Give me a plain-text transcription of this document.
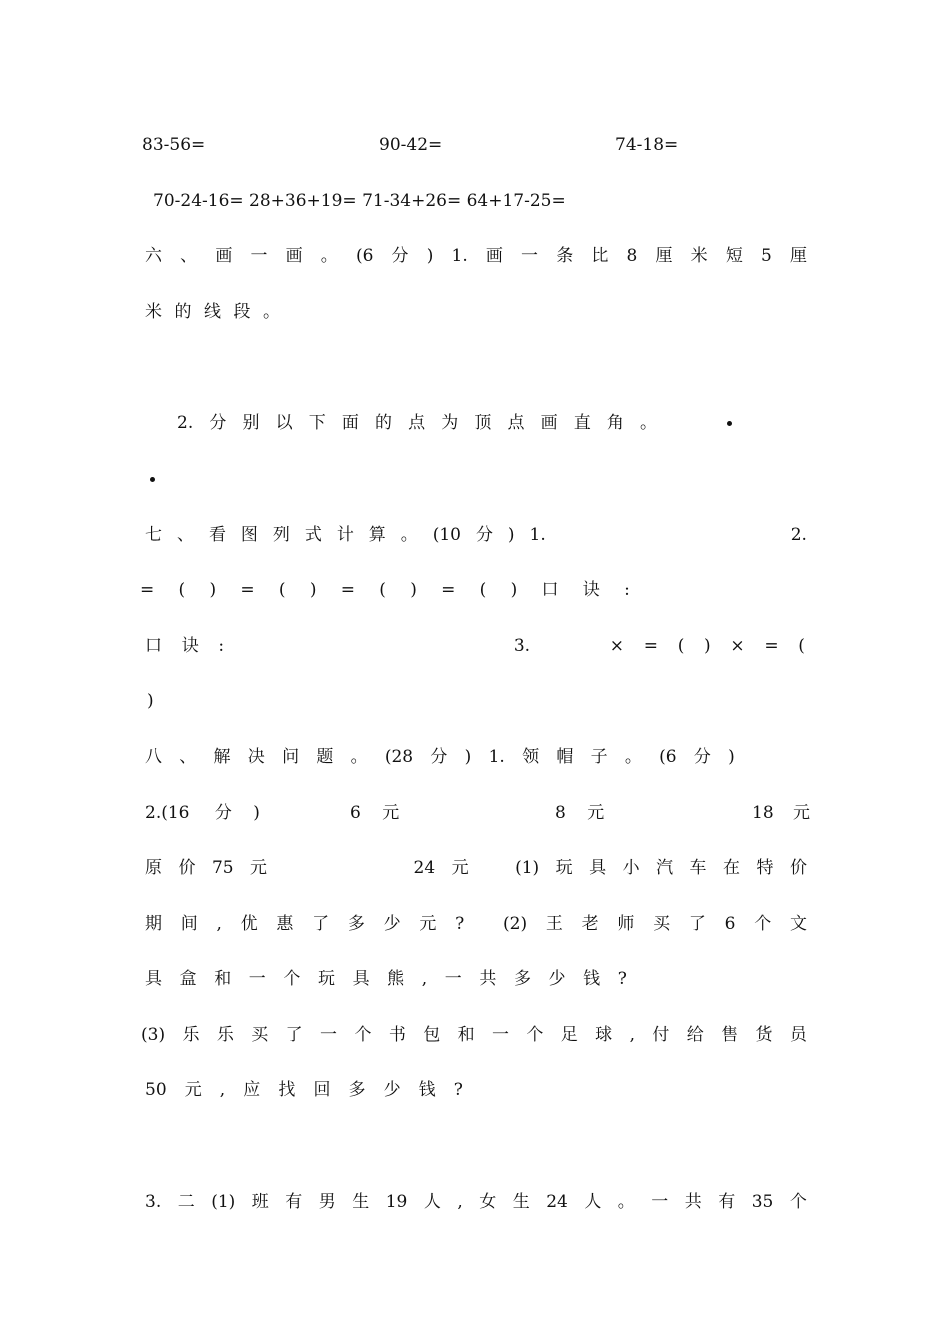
83-56=	90-42=	74-18=
70-24-16= 28+36+19= 71-34+26= 64+17-25=
六 、 画 一 画 。 (6 分 ) 1. 画 一 条 比 8 厘 米 短 5 厘
米 的 线 段 。
2. 分 别 以 下 面 的 点 为 顶 点 画 直 角 。
七 、 看 图 列 式 计 算 。 (10 分 ) 1.	2.
= ( ) = ( ) = ( ) = ( ) 口 诀 :
口 诀 :	3.	× = ( ) × = (
)
八 、 解 决 问 题 。 (28 分 ) 1. 领 帽 子 。 (6 分 )
2.(16 分 )	6 元	8 元	18 元
原 价 75 元	24 元	(1) 玩 具 小 汽 车 在 特 价
期 间 , 优 惠 了 多 少 元 ? (2) 王 老 师 买 了 6 个 文
具 盒 和 一 个 玩 具 熊 , 一 共 多 少 钱 ?
(3) 乐 乐 买 了 一 个 书 包 和 一 个 足 球 , 付 给 售 货 员
50 元 , 应 找 回 多 少 钱 ?
3. 二 (1) 班 有 男 生 19 人 , 女 生 24 人 。 一 共 有 35 个
